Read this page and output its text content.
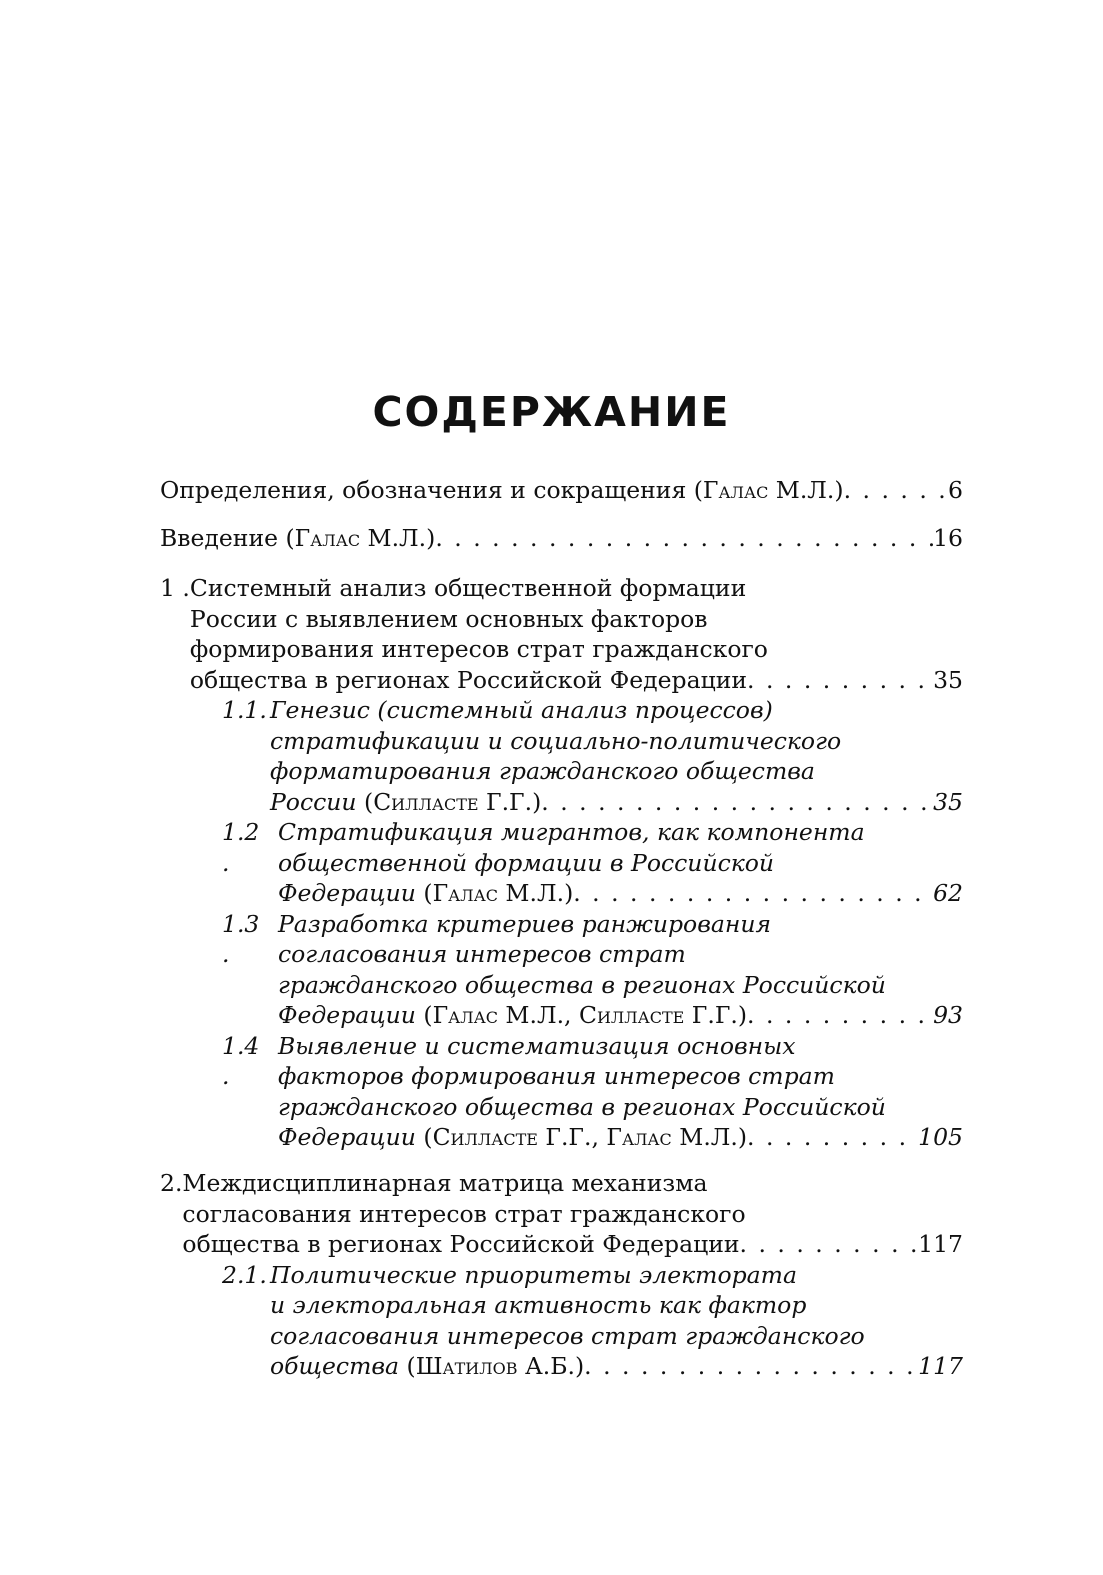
СОДЕРЖАНИЕ
Определения, обозначения и сокращения (Галас М.Л.) . . .	6
Введение (Галас М.Л.) . . .	16
1 . Системный анализ общественной формации
России с выявлением основных факторов
формирования интересов страт гражданского
общества в регионах Российской Федерации . . .	35
1.1. Генезис (системный анализ процессов)
стратификации и социально-политического
форматирования гражданского общества
России (Силласте Г.Г.) . . .	35
1.2 .
Стратификация мигрантов, как компонента
общественной формации в Российской
Федерации (Галас М.Л.) . . .	62
1.3 .
Разработка критериев ранжирования
согласования интересов страт
гражданского общества в регионах Российской
Федерации (Галас М.Л., Силласте Г.Г.) . . .	93
1.4 .
Выявление и систематизация основных
факторов формирования интересов страт
гражданского общества в регионах Российской
Федерации (Силласте Г.Г., Галас М.Л.) . . .	105
2. Междисциплинарная матрица механизма
согласования интересов страт гражданского
общества в регионах Российской Федерации . . .	117
2.1. Политические приоритеты электората
и электоральная активность как фактор
согласования интересов страт гражданского
общества (Шатилов А.Б.) . . .	117
